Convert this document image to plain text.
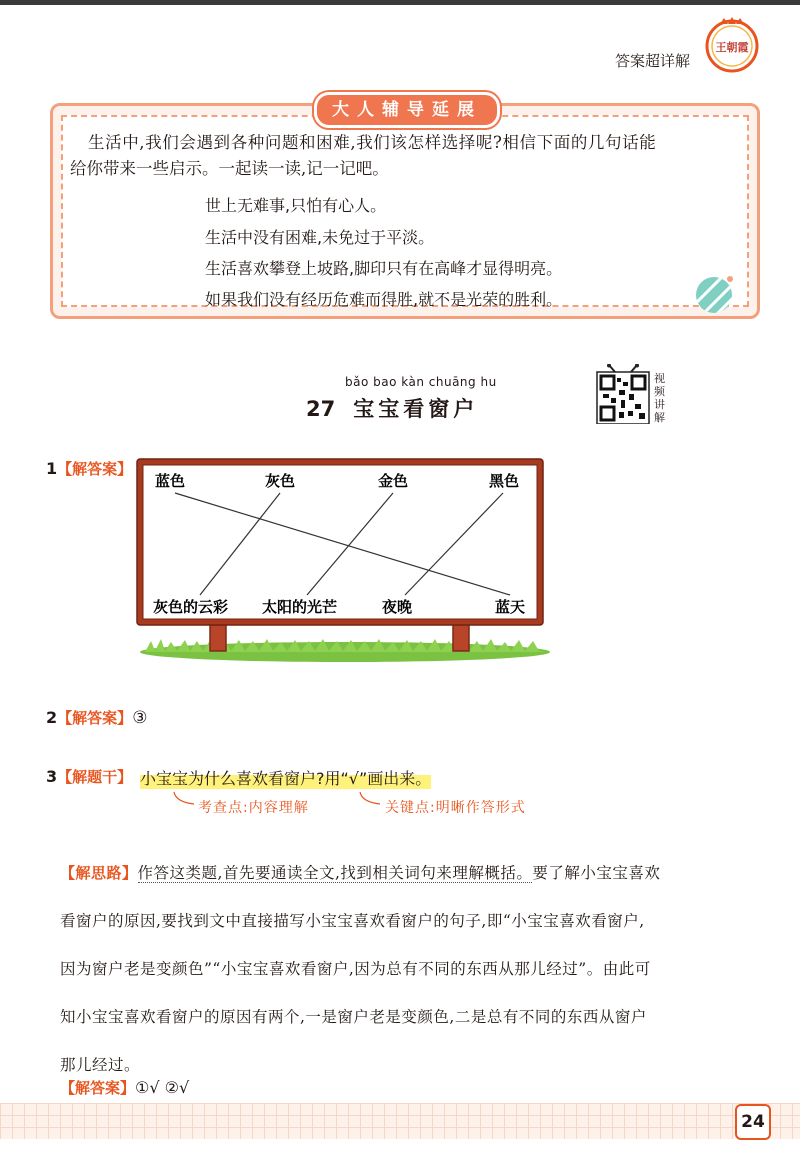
答案超详解
王朝霞
大人辅导延展
生活中,我们会遇到各种问题和困难,我们该怎样选择呢?相信下面的几句话能
给你带来一些启示。一起读一读,记一记吧。
世上无难事,只怕有心人。
生活中没有困难,未免过于平淡。
生活喜欢攀登上坡路,脚印只有在高峰才显得明亮。
如果我们没有经历危难而得胜,就不是光荣的胜利。
bǎo bao kàn chuāng hu
27 宝宝看窗户
视频讲解
1【解答案】
蓝色	灰色	金色	黑色
灰色的云彩 太阳的光芒	夜晚	蓝天
2【解答案】③
3【解题干】 小宝宝为什么喜欢看窗户?用“√”画出来。
考查点:内容理解	关键点:明晰作答形式
【解思路】作答这类题,首先要通读全文,找到相关词句来理解概括。要了解小宝宝喜欢
看窗户的原因,要找到文中直接描写小宝宝喜欢看窗户的句子,即“小宝宝喜欢看窗户,
因为窗户老是变颜色”“小宝宝喜欢看窗户,因为总有不同的东西从那儿经过”。由此可
知小宝宝喜欢看窗户的原因有两个,一是窗户老是变颜色,二是总有不同的东西从窗户
那儿经过。
【解答案】①√ ②√
24
